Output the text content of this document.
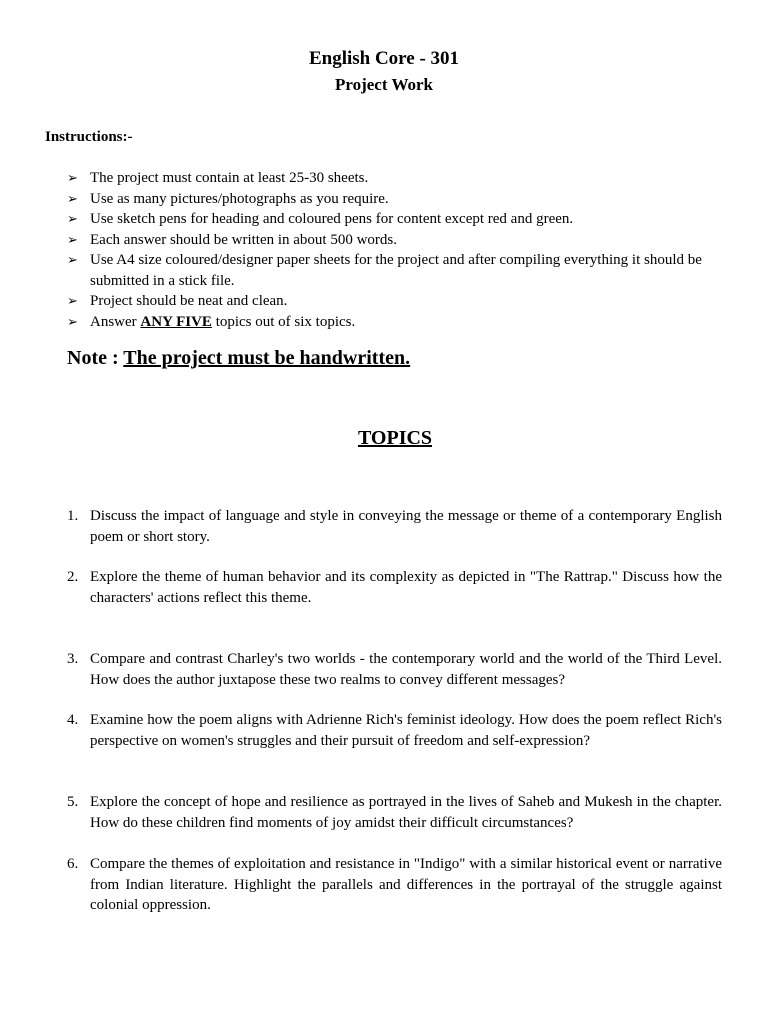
English Core - 301
Project Work

Instructions:-

➢ The project must contain at least 25-30 sheets.
➢ Use as many pictures/photographs as you require.
➢ Use sketch pens for heading and coloured pens for content except red and green.
➢ Each answer should be written in about 500 words.
➢ Use A4 size coloured/designer paper sheets for the project and after compiling everything it should be submitted in a stick file.
➢ Project should be neat and clean.
➢ Answer ANY FIVE topics out of six topics.

Note : The project must be handwritten.

TOPICS
1. Discuss the impact of language and style in conveying the message or theme of a contemporary English poem or short story.
2. Explore the theme of human behavior and its complexity as depicted in "The Rattrap." Discuss how the characters' actions reflect this theme.
3. Compare and contrast Charley's two worlds - the contemporary world and the world of the Third Level. How does the author juxtapose these two realms to convey different messages?
4. Examine how the poem aligns with Adrienne Rich's feminist ideology. How does the poem reflect Rich's perspective on women's struggles and their pursuit of freedom and self-expression?
5. Explore the concept of hope and resilience as portrayed in the lives of Saheb and Mukesh in the chapter. How do these children find moments of joy amidst their difficult circumstances?
6. Compare the themes of exploitation and resistance in "Indigo" with a similar historical event or narrative from Indian literature. Highlight the parallels and differences in the portrayal of the struggle against colonial oppression.
